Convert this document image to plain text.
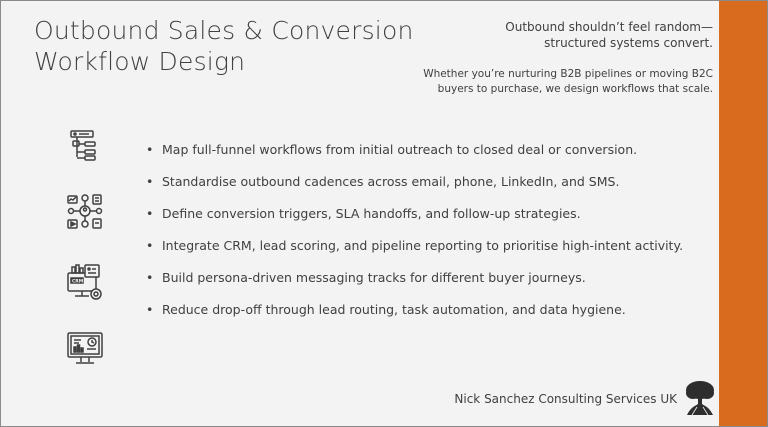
Outbound Sales & Conversion
Workflow Design
Outbound shouldn’t feel random—
structured systems convert.
Whether you’re nurturing B2B pipelines or moving B2C buyers to purchase, we design workflows that scale.
CRM
• Map full-funnel workflows from initial outreach to closed deal or conversion.
• Standardise outbound cadences across email, phone, LinkedIn, and SMS.
• Define conversion triggers, SLA handoffs, and follow-up strategies.
• Integrate CRM, lead scoring, and pipeline reporting to prioritise high-intent activity.
• Build persona-driven messaging tracks for different buyer journeys.
• Reduce drop-off through lead routing, task automation, and data hygiene.
Nick Sanchez Consulting Services UK
